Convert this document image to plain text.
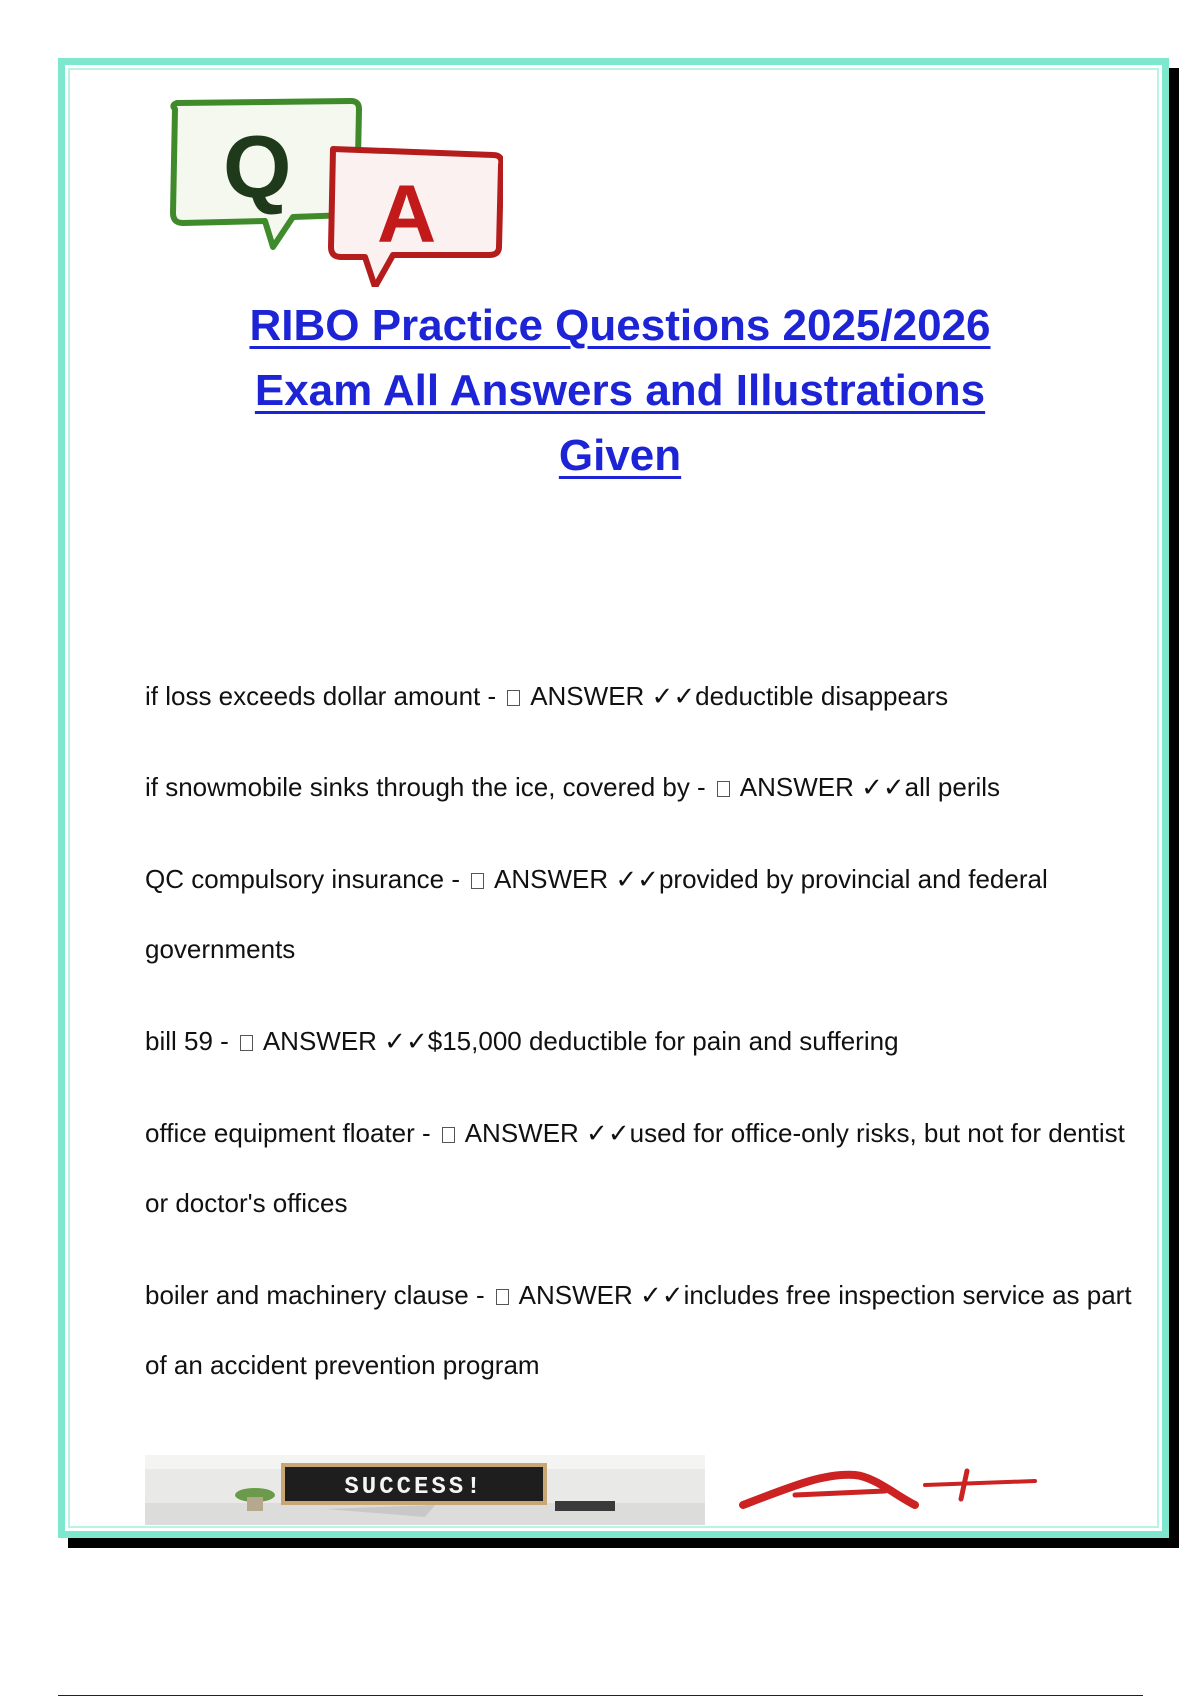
Q A
RIBO Practice Questions 2025/2026
Exam All Answers and Illustrations
Given
if loss exceeds dollar amount -  ANSWER ✓✓deductible disappears
if snowmobile sinks through the ice, covered by -  ANSWER ✓✓all perils
QC compulsory insurance -  ANSWER ✓✓provided by provincial and federal governments
bill 59 -  ANSWER ✓✓$15,000 deductible for pain and suffering
office equipment floater -  ANSWER ✓✓used for office-only risks, but not for dentist or doctor's offices
boiler and machinery clause -  ANSWER ✓✓includes free inspection service as part of an accident prevention program
SUCCESS!
A+
